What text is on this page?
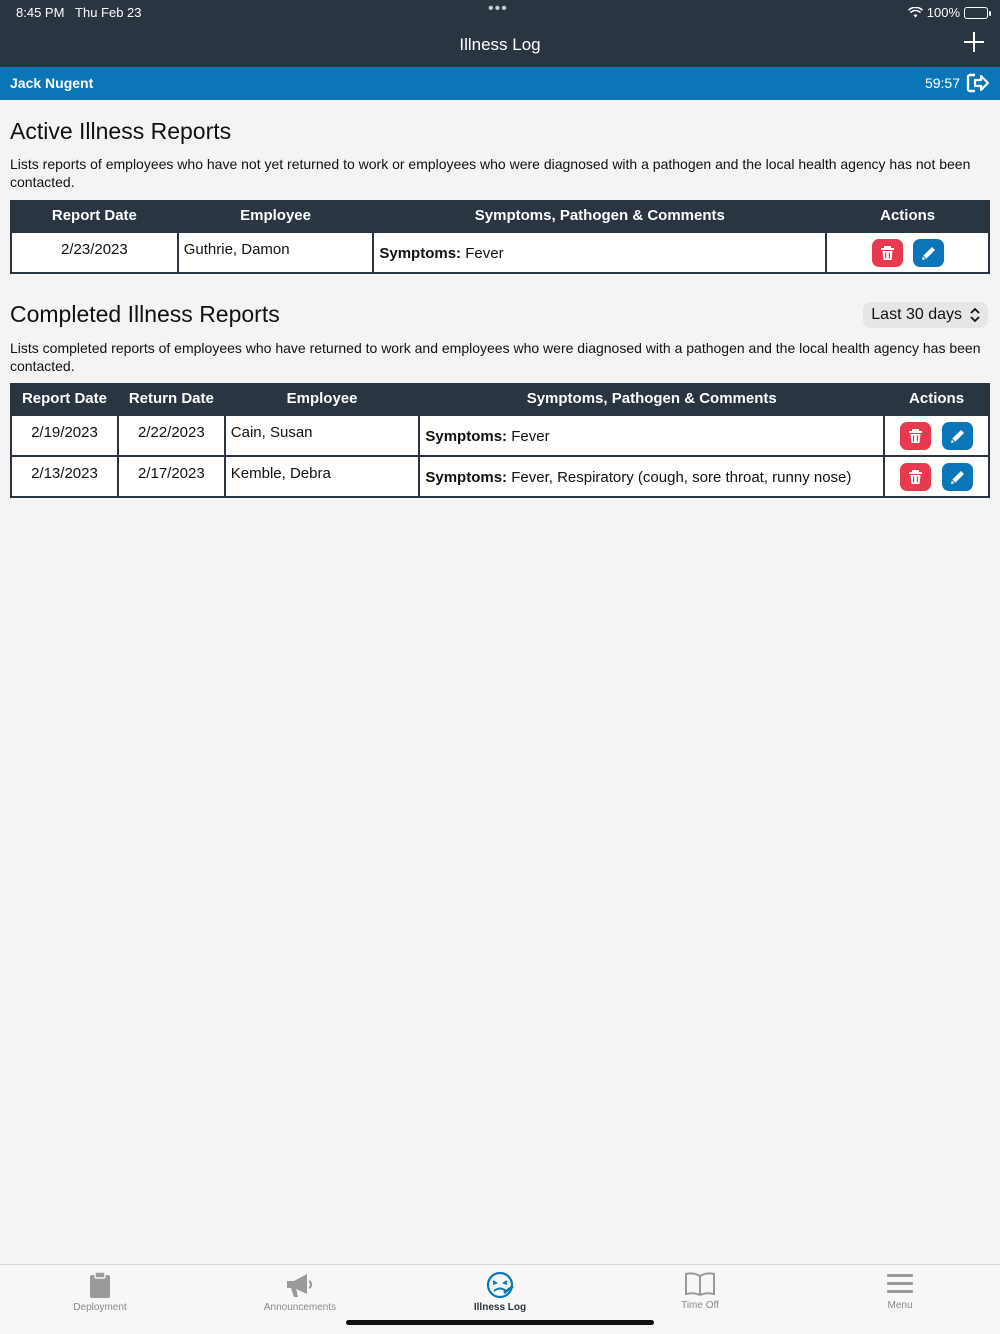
8:45 PM Thu Feb 23	•••	100%
Illness Log
Jack Nugent	59:57
Active Illness Reports

Lists reports of employees who have not yet returned to work or employees who were diagnosed with a pathogen and the local health agency has not been contacted.

Report Date	Employee	Symptoms, Pathogen & Comments	Actions
2/23/2023	Guthrie, Damon	Symptoms: Fever	

Completed Illness Reports	Last 30 days

Lists completed reports of employees who have returned to work and employees who were diagnosed with a pathogen and the local health agency has been contacted.

Report Date	Return Date	Employee	Symptoms, Pathogen & Comments	Actions
2/19/2023	2/22/2023	Cain, Susan	Symptoms: Fever	

2/13/2023	2/17/2023	Kemble, Debra	Symptoms: Fever, Respiratory (cough, sore throat, runny nose)	

Deployment	Announcements	Illness Log	Time Off	Menu
